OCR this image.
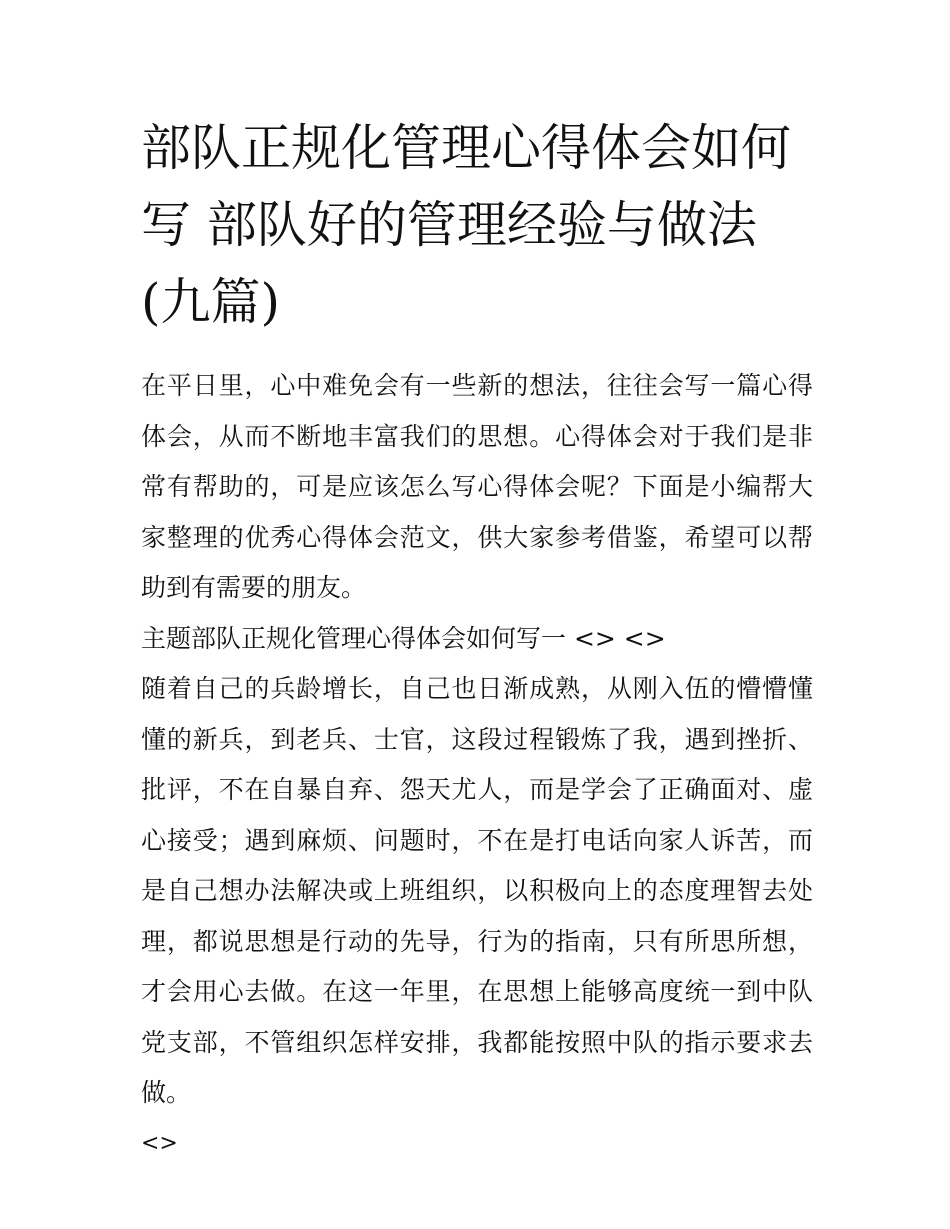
部队正规化管理心得体会如何写 部队好的管理经验与做法(九篇)

在平日里，心中难免会有一些新的想法，往往会写一篇心得体会，从而不断地丰富我们的思想。心得体会对于我们是非常有帮助的，可是应该怎么写心得体会呢？下面是小编帮大家整理的优秀心得体会范文，供大家参考借鉴，希望可以帮助到有需要的朋友。

主题部队正规化管理心得体会如何写一 <> <>

随着自己的兵龄增长，自己也日渐成熟，从刚入伍的懵懵懂懂的新兵，到老兵、士官，这段过程锻炼了我，遇到挫折、批评，不在自暴自弃、怨天尤人，而是学会了正确面对、虚心接受；遇到麻烦、问题时，不在是打电话向家人诉苦，而是自己想办法解决或上班组织，以积极向上的态度理智去处理，都说思想是行动的先导，行为的指南，只有所思所想，才会用心去做。在这一年里，在思想上能够高度统一到中队党支部，不管组织怎样安排，我都能按照中队的指示要求去做。

<>
